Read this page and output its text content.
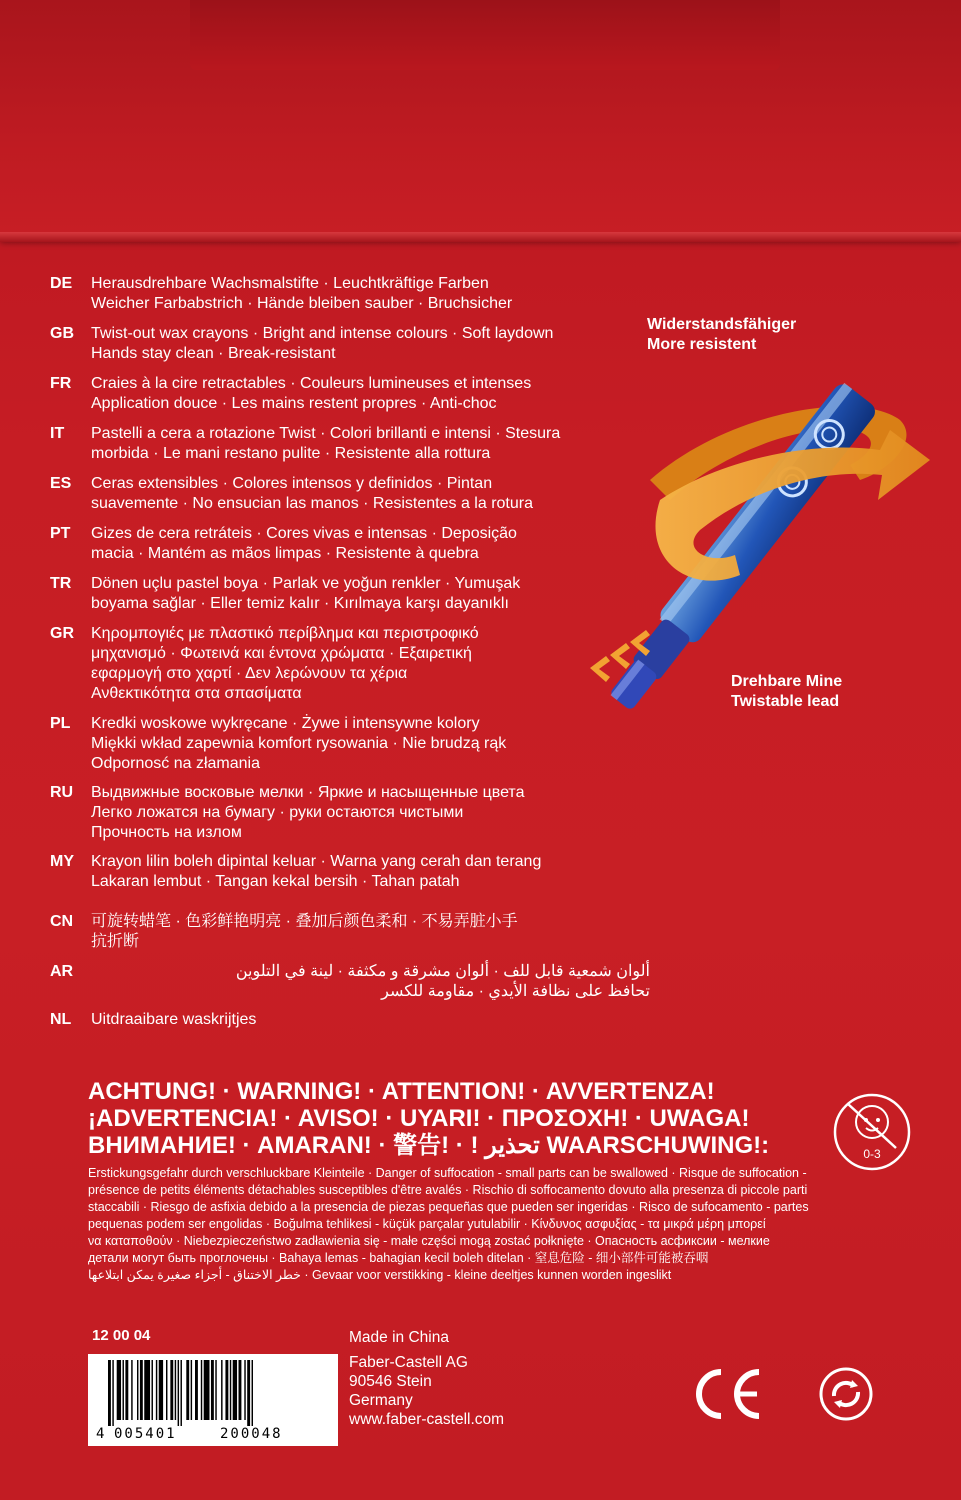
DE	Herausdrehbare Wachsmalstifte · Leuchtkräftige Farben
Weicher Farbabstrich · Hände bleiben sauber · Bruchsicher
GB	Twist-out wax crayons · Bright and intense colours · Soft laydown
Hands stay clean · Break-resistant
FR	Craies à la cire retractables · Couleurs lumineuses et intenses
Application douce · Les mains restent propres · Anti-choc
IT	Pastelli a cera a rotazione Twist · Colori brillanti e intensi · Stesura
morbida · Le mani restano pulite · Resistente alla rottura
ES	Ceras extensibles · Colores intensos y definidos · Pintan
suavemente · No ensucian las manos · Resistentes a la rotura
PT	Gizes de cera retráteis · Cores vivas e intensas · Deposição
macia · Mantém as mãos limpas · Resistente à quebra
TR	Dönen uçlu pastel boya · Parlak ve yoğun renkler · Yumuşak
boyama sağlar · Eller temiz kalır · Kırılmaya karşı dayanıklı
GR	Κηρομπογιές με πλαστικό περίβλημα και περιστροφικό
μηχανισμό · Φωτεινά και έντονα χρώματα · Εξαιρετική
εφαρμογή στο χαρτί · Δεν λερώνουν τα χέρια
Ανθεκτικότητα στα σπασίματα
PL	Kredki woskowe wykręcane · Żywe i intensywne kolory
Miękki wkład zapewnia komfort rysowania · Nie brudzą rąk
Odpornosć na złamania
RU	Выдвижные восковые мелки · Яркие и насыщенные цвета
Легко ложатся на бумагу · руки остаются чистыми
Прочность на излом
MY	Krayon lilin boleh dipintal keluar · Warna yang cerah dan terang
Lakaran lembut · Tangan kekal bersih · Tahan patah
CN	可旋转蜡笔 · 色彩鲜艳明亮 · 叠加后颜色柔和 · 不易弄脏小手
抗折断
AR	ألوان شمعية قابل للف · ألوان مشرقة و مكثفة · لينة في التلوين
تحافظ على نظافة الأيدي · مقاومة للكسر
NL	Uitdraaibare waskrijtjes
Widerstandsfähiger
More resistent
Drehbare Mine
Twistable lead
ACHTUNG! · WARNING! · ATTENTION! · AVVERTENZA!
¡ADVERTENCIA! · AVISO! · UYARI! · ΠΡΟΣΟΧΗ! · UWAGA!
ВНИМАНИЕ! · AMARAN! · 警告! · ! تحذير WAARSCHUWING!:
Erstickungsgefahr durch verschluckbare Kleinteile · Danger of suffocation - small parts can be swallowed · Risque de suffocation -
présence de petits éléments détachables susceptibles d'être avalés · Rischio di soffocamento dovuto alla presenza di piccole parti
staccabili · Riesgo de asfixia debido a la presencia de piezas pequeñas que pueden ser ingeridas · Risco de sufocamento - partes
pequenas podem ser engolidas · Boğulma tehlikesi - küçük parçalar yutulabilir · Κίνδυνος ασφυξίας - τα μικρά μέρη μπορεί
να καταποθούν · Niebezpieczeństwo zadławienia się - małe części mogą zostać połknięte · Опасность асфиксии - мелкие
детали могут быть проглочены · Bahaya lemas - bahagian kecil boleh ditelan · 窒息危险 - 细小部件可能被吞咽
خطر الاختناق - أجزاء صغيرة يمكن ابتلاعها · Gevaar voor verstikking - kleine deeltjes kunnen worden ingeslikt
0-3
12 00 04
4 005401	200048
Made in China
Faber-Castell AG
90546 Stein
Germany
www.faber-castell.com
